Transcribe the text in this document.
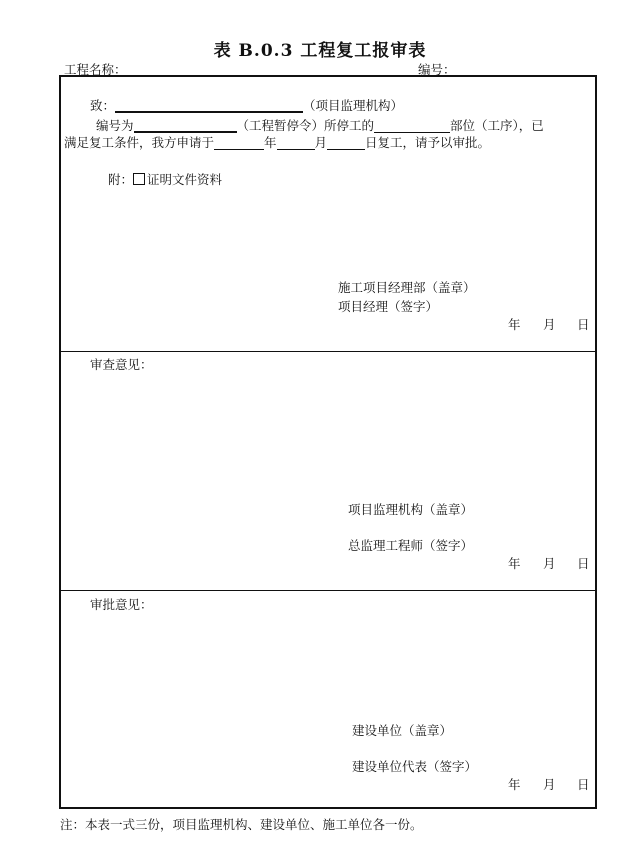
表 B.0.3 工程复工报审表
工程名称：	编号：
致：	（项目监理机构）
编号为	（工程暂停令）所停工的	部位（工序），已
满足复工条件，我方申请于	年	月	日复工，请予以审批。
附： 证明文件资料
施工项目经理部（盖章）
项目经理（签字）
年 月 日
审查意见：
项目监理机构（盖章）
总监理工程师（签字）
年 月 日
审批意见：
建设单位（盖章）
建设单位代表（签字）
年 月 日
注：本表一式三份，项目监理机构、建设单位、施工单位各一份。
